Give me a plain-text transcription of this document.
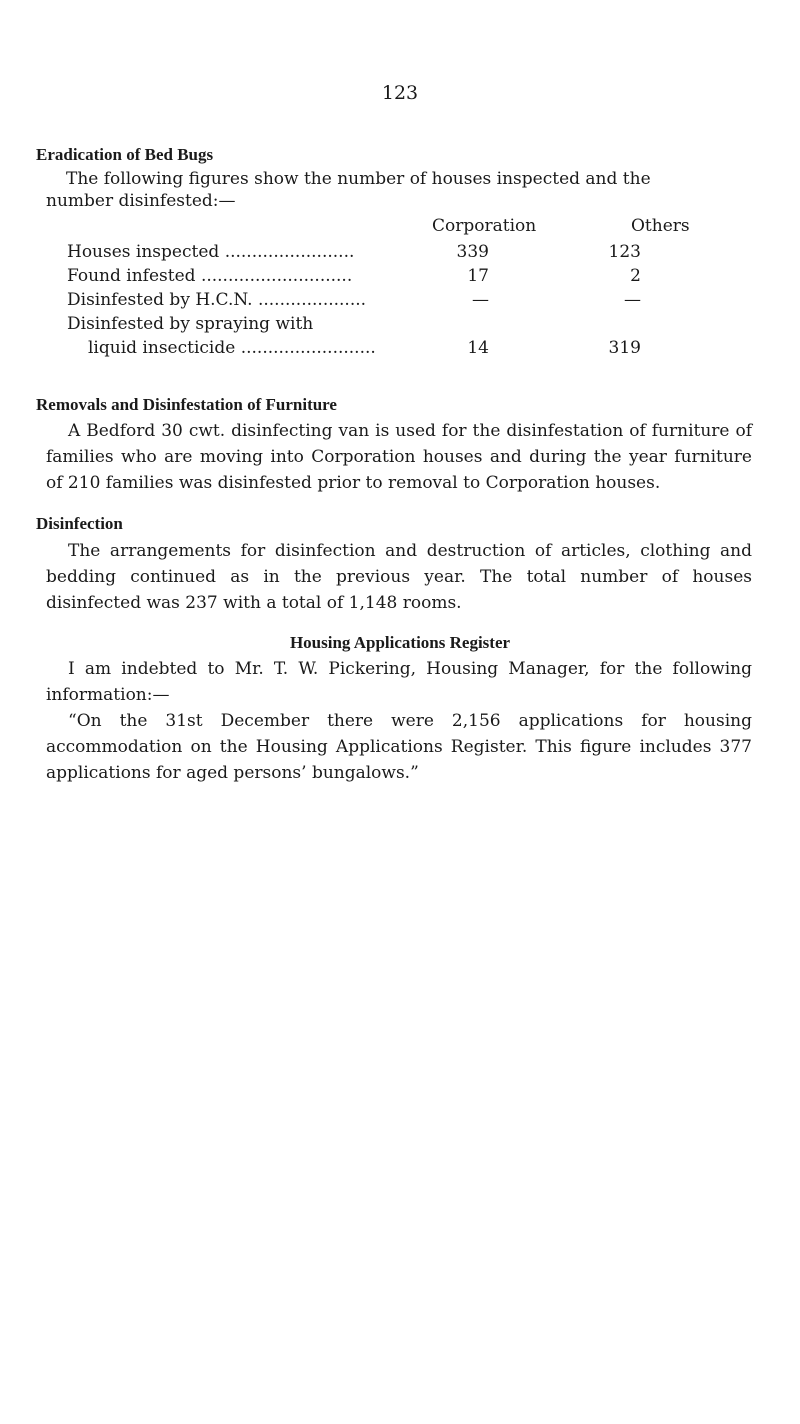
123
Eradication of Bed Bugs
The following figures show the number of houses inspected and the
number disinfested:—
Corporation	Others
Houses inspected ........................	339	123
Found infested ............................	17	2
Disinfested by H.C.N. ....................	—	—
Disinfested by spraying with
liquid insecticide .........................	14	319
Removals and Disinfestation of Furniture

A Bedford 30 cwt. disinfecting van is used for the disinfestation of furniture of families who are moving into Corporation houses and during the year furniture of 210 families was disinfested prior to removal to Corporation houses.

Disinfection

The arrangements for disinfection and destruction of articles, clothing and bedding continued as in the previous year. The total number of houses disinfected was 237 with a total of 1,148 rooms.

Housing Applications Register

I am indebted to Mr. T. W. Pickering, Housing Manager, for the following information:—

“On the 31st December there were 2,156 applications for housing accommodation on the Housing Applications Register. This figure includes 377 applications for aged persons’ bungalows.”
